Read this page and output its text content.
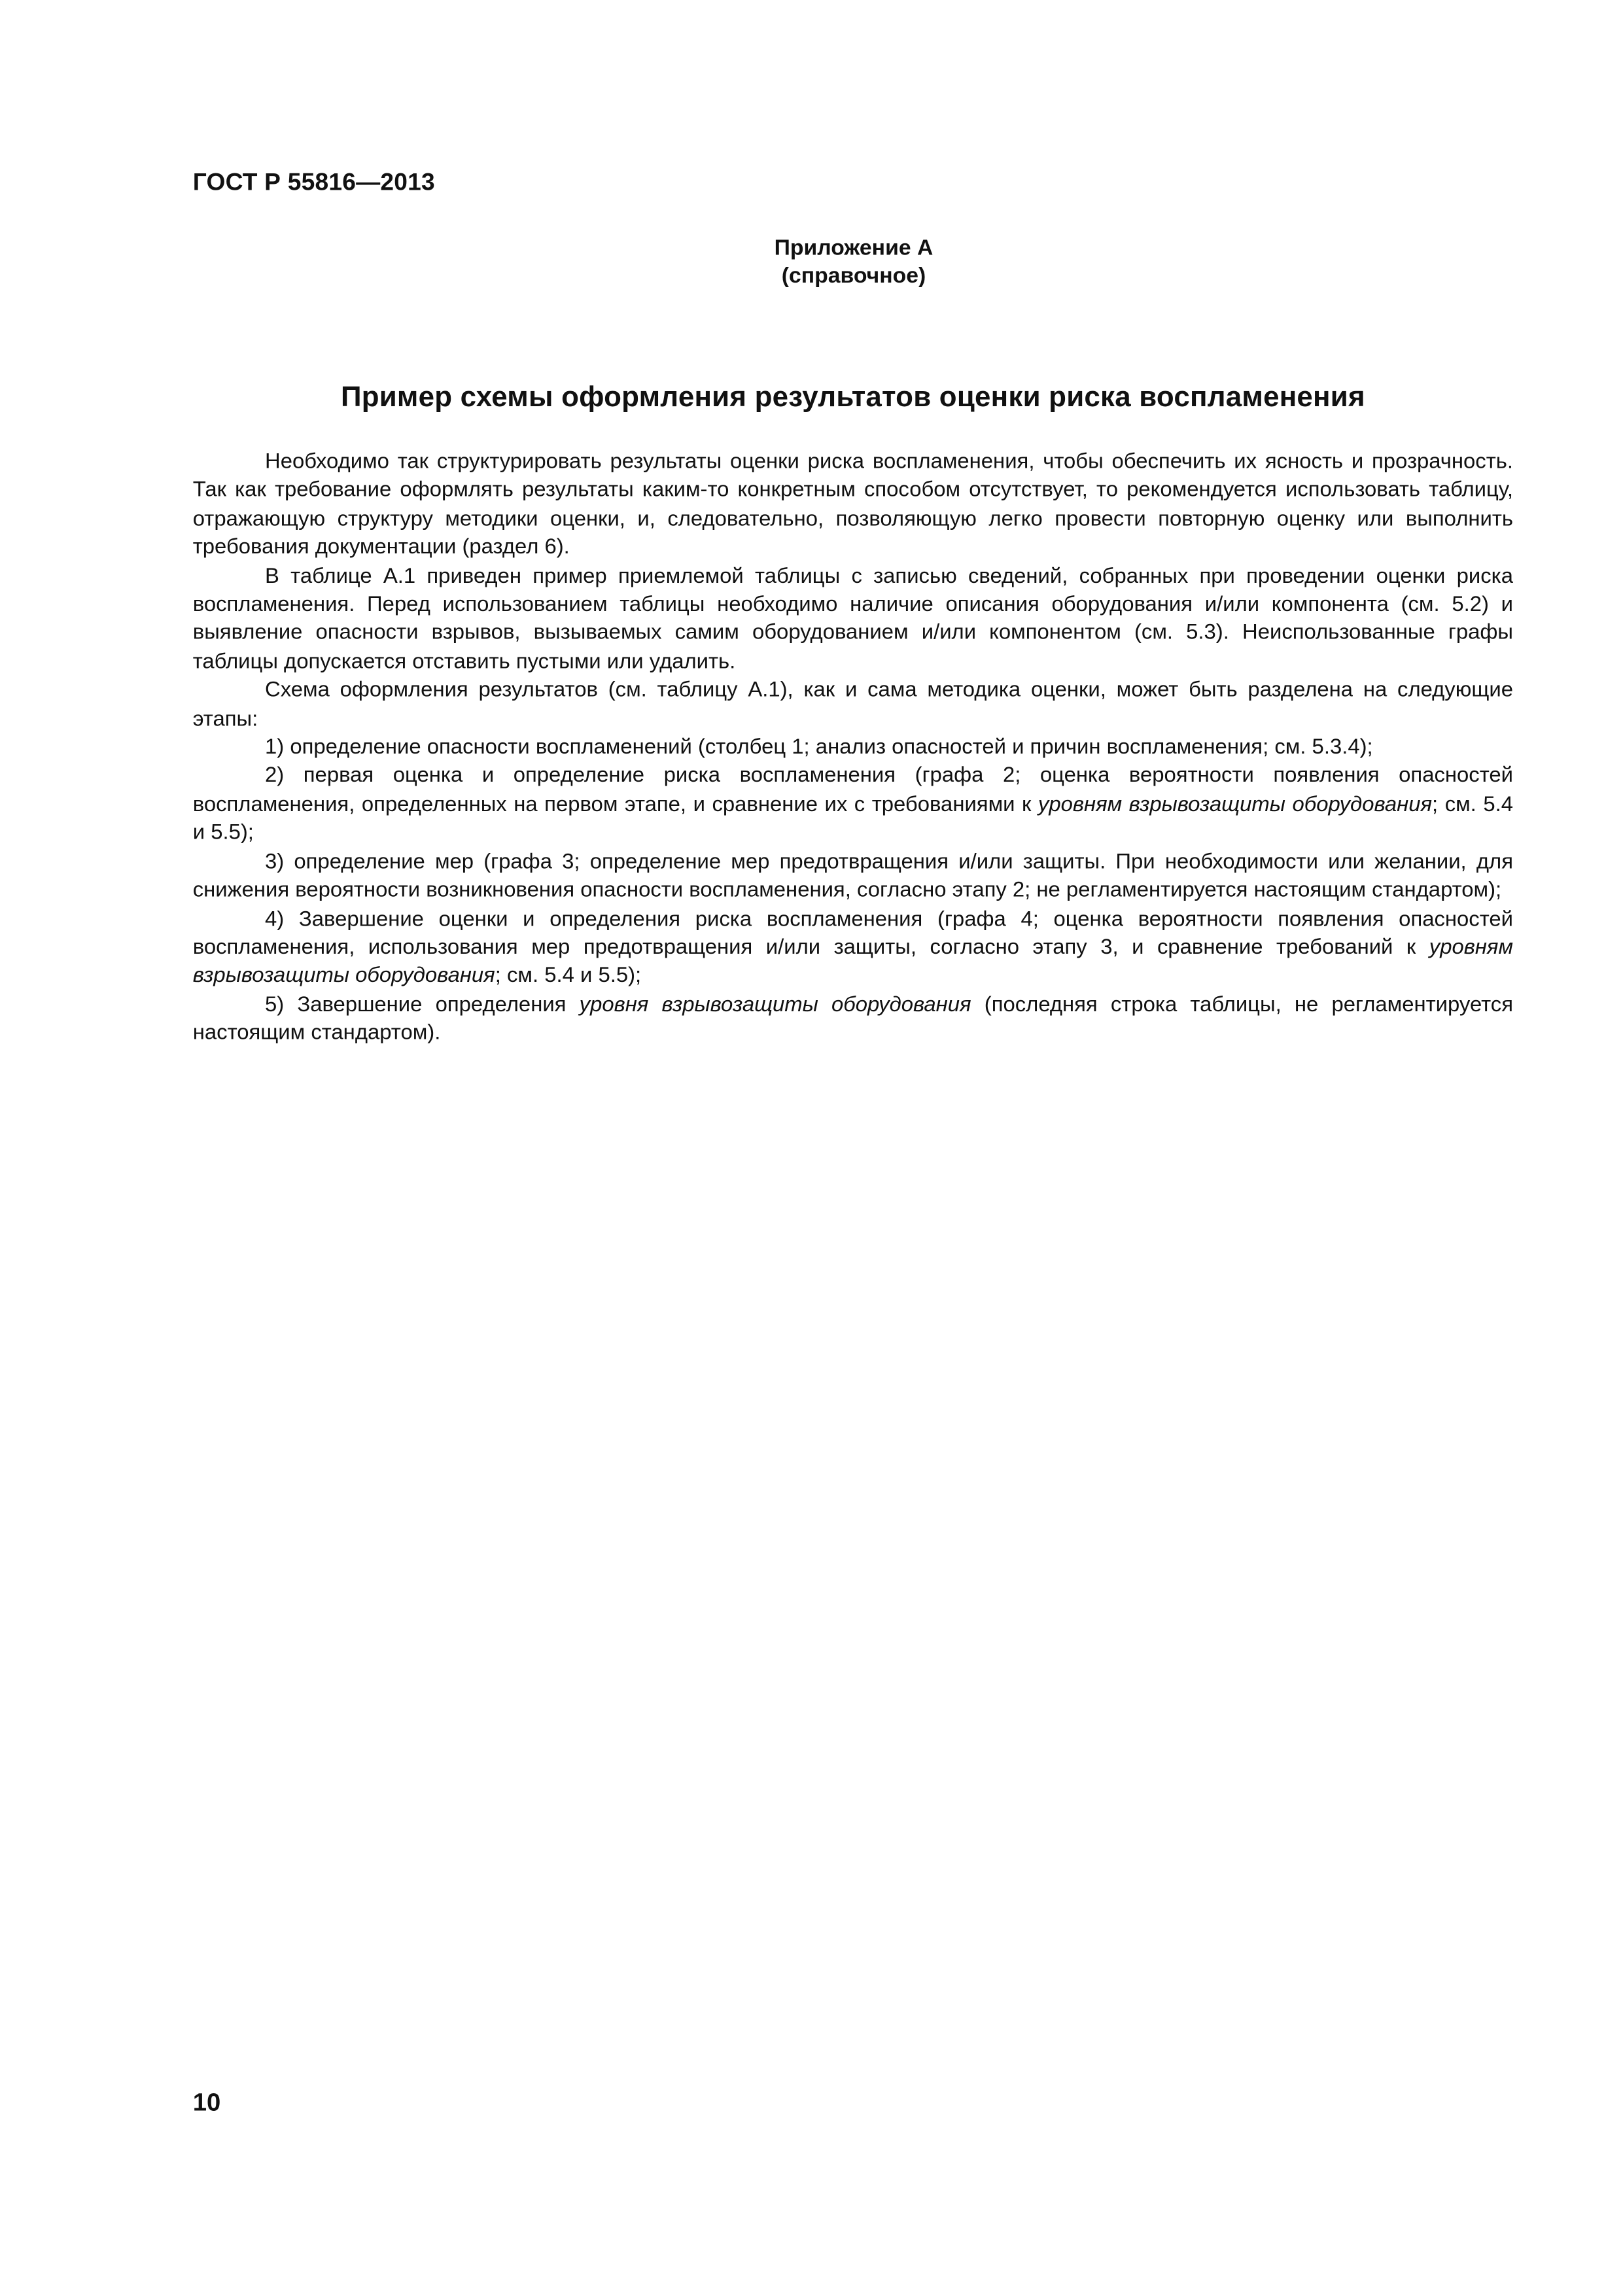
ГОСТ Р 55816—2013
Приложение А
(справочное)
Пример схемы оформления результатов оценки риска воспламенения

Необходимо так структурировать результаты оценки риска воспламенения, чтобы обеспечить их ясность и прозрачность. Так как требование оформлять результаты каким-то конкретным способом отсутствует, то рекомендуется использовать таблицу, отражающую структуру методики оценки, и, следовательно, позволяющую легко провести повторную оценку или выполнить требования документации (раздел 6).

В таблице А.1 приведен пример приемлемой таблицы с записью сведений, собранных при проведении оценки риска воспламенения. Перед использованием таблицы необходимо наличие описания оборудования и/или компонента (см. 5.2) и выявление опасности взрывов, вызываемых самим оборудованием и/или компонентом (см. 5.3). Неиспользованные графы таблицы допускается отставить пустыми или удалить.

Схема оформления результатов (см. таблицу А.1), как и сама методика оценки, может быть разделена на следующие этапы:

1) определение опасности воспламенений (столбец 1; анализ опасностей и причин воспламенения; см. 5.3.4);

2) первая оценка и определение риска воспламенения (графа 2; оценка вероятности появления опасностей воспламенения, определенных на первом этапе, и сравнение их с требованиями к уровням взрывозащиты оборудования; см. 5.4 и 5.5);

3) определение мер (графа 3; определение мер предотвращения и/или защиты. При необходимости или желании, для снижения вероятности возникновения опасности воспламенения, согласно этапу 2; не регламентируется настоящим стандартом);

4) Завершение оценки и определения риска воспламенения (графа 4; оценка вероятности появления опасностей воспламенения, использования мер предотвращения и/или защиты, согласно этапу 3, и сравнение требований к уровням взрывозащиты оборудования; см. 5.4 и 5.5);

5) Завершение определения уровня взрывозащиты оборудования (последняя строка таблицы, не регламентируется настоящим стандартом).

10
